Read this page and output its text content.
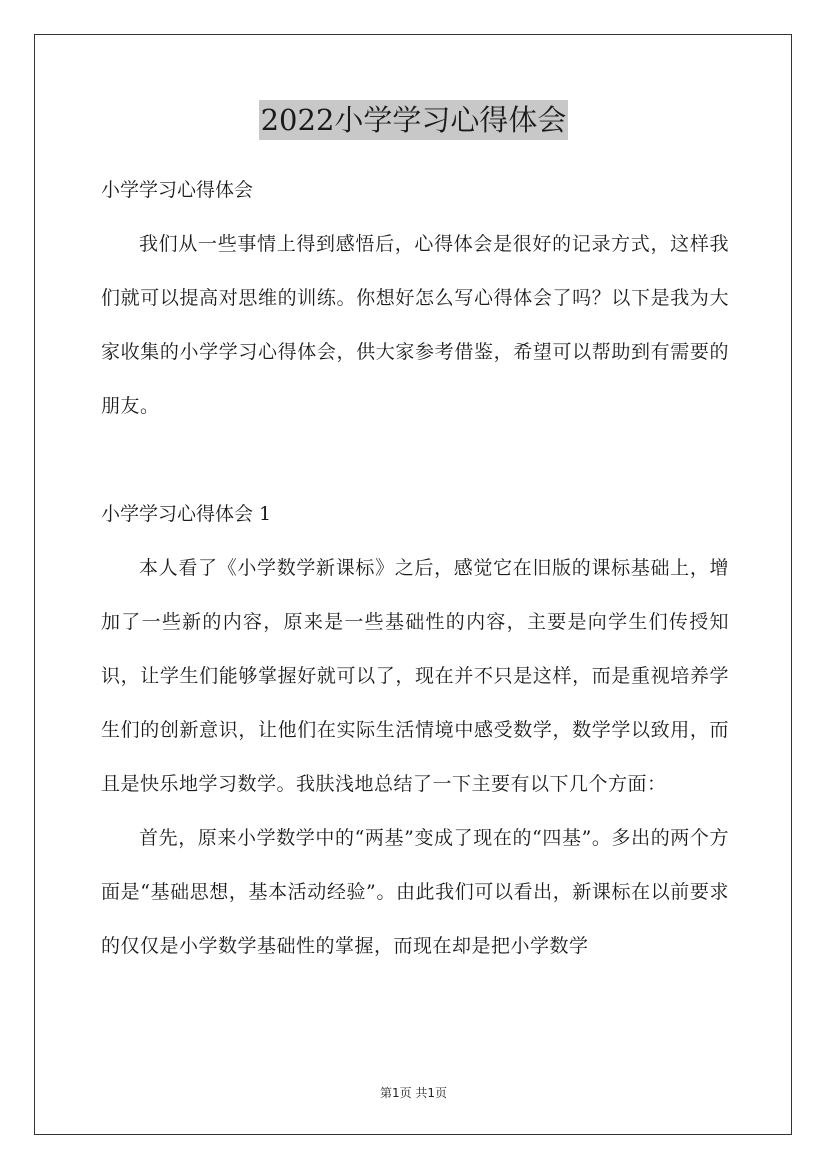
2022小学学习心得体会

小学学习心得体会

我们从一些事情上得到感悟后，心得体会是很好的记录方式，这样我们就可以提高对思维的训练。你想好怎么写心得体会了吗？以下是我为大家收集的小学学习心得体会，供大家参考借鉴，希望可以帮助到有需要的朋友。

小学学习心得体会 1

本人看了《小学数学新课标》之后，感觉它在旧版的课标基础上，增加了一些新的内容，原来是一些基础性的内容，主要是向学生们传授知识，让学生们能够掌握好就可以了，现在并不只是这样，而是重视培养学生们的创新意识，让他们在实际生活情境中感受数学，数学学以致用，而且是快乐地学习数学。我肤浅地总结了一下主要有以下几个方面：

首先，原来小学数学中的“两基”变成了现在的“四基”。多出的两个方面是“基础思想，基本活动经验”。由此我们可以看出，新课标在以前要求的仅仅是小学数学基础性的掌握，而现在却是把小学数学

第1页 共1页
